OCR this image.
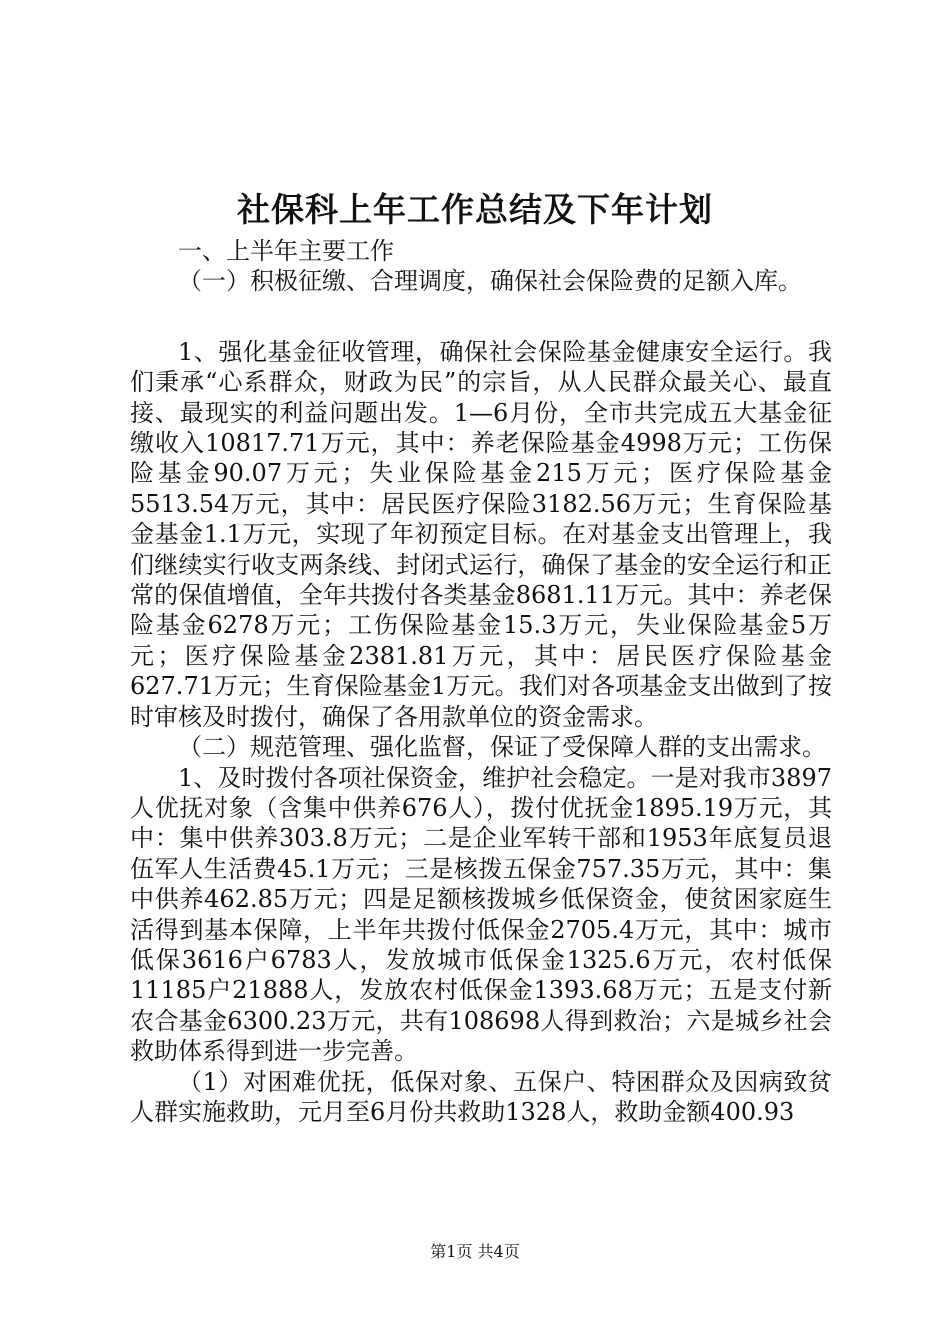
社保科上年工作总结及下年计划

一、上半年主要工作

（一）积极征缴、合理调度，确保社会保险费的足额入库。

1、强化基金征收管理，确保社会保险基金健康安全运行。我们秉承“心系群众，财政为民”的宗旨，从人民群众最关心、最直接、最现实的利益问题出发。1—6月份，全市共完成五大基金征缴收入10817.71万元，其中：养老保险基金4998万元；工伤保险基金90.07万元；失业保险基金215万元；医疗保险基金5513.54万元，其中：居民医疗保险3182.56万元；生育保险基金基金1.1万元，实现了年初预定目标。在对基金支出管理上，我们继续实行收支两条线、封闭式运行，确保了基金的安全运行和正常的保值增值，全年共拨付各类基金8681.11万元。其中：养老保险基金6278万元；工伤保险基金15.3万元，失业保险基金5万元；医疗保险基金2381.81万元，其中：居民医疗保险基金627.71万元；生育保险基金1万元。我们对各项基金支出做到了按时审核及时拨付，确保了各用款单位的资金需求。

（二）规范管理、强化监督，保证了受保障人群的支出需求。

1、及时拨付各项社保资金，维护社会稳定。一是对我市3897人优抚对象（含集中供养676人），拨付优抚金1895.19万元，其中：集中供养303.8万元；二是企业军转干部和1953年底复员退伍军人生活费45.1万元；三是核拨五保金757.35万元，其中：集中供养462.85万元；四是足额核拨城乡低保资金，使贫困家庭生活得到基本保障，上半年共拨付低保金2705.4万元，其中：城市低保3616户6783人，发放城市低保金1325.6万元，农村低保11185户21888人，发放农村低保金1393.68万元；五是支付新农合基金6300.23万元，共有108698人得到救治；六是城乡社会救助体系得到进一步完善。

（1）对困难优抚，低保对象、五保户、特困群众及因病致贫人群实施救助，元月至6月份共救助1328人，救助金额400.93

第1页 共4页
